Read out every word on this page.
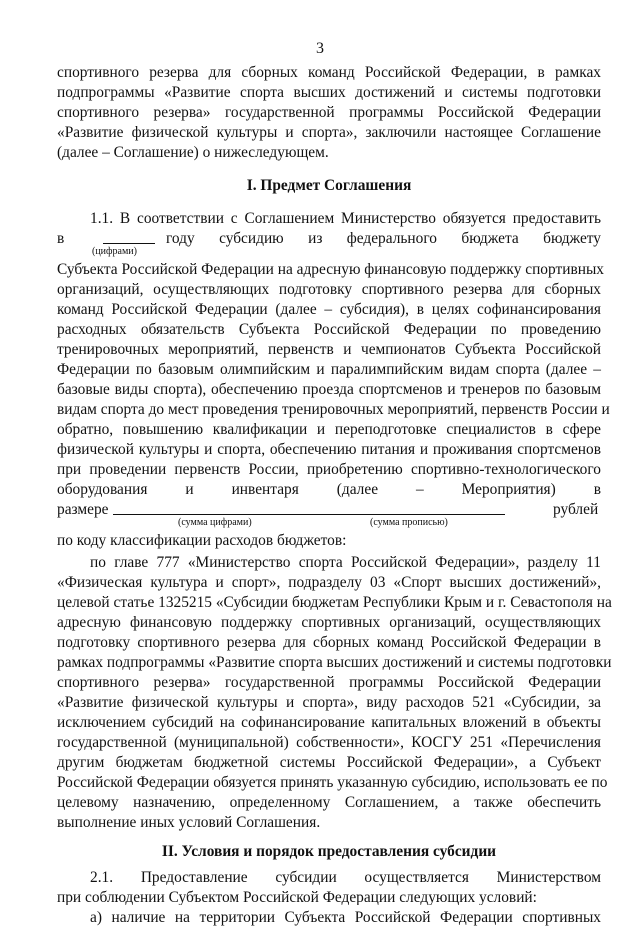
3
спортивного резерва для сборных команд Российской Федерации, в рамках
подпрограммы «Развитие спорта высших достижений и системы подготовки
спортивного резерва» государственной программы Российской Федерации
«Развитие физической культуры и спорта», заключили настоящее Соглашение
(далее – Соглашение) о нижеследующем.
I. Предмет Соглашения
1.1. В соответствии с Соглашением Министерство обязуется предоставить
в	году субсидию из федерального бюджета бюджету
(цифрами)
Субъекта Российской Федерации на адресную финансовую поддержку спортивных
организаций, осуществляющих подготовку спортивного резерва для сборных
команд Российской Федерации (далее – субсидия), в целях софинансирования
расходных обязательств Субъекта Российской Федерации по проведению
тренировочных мероприятий, первенств и чемпионатов Субъекта Российской
Федерации по базовым олимпийским и паралимпийским видам спорта (далее –
базовые виды спорта), обеспечению проезда спортсменов и тренеров по базовым
видам спорта до мест проведения тренировочных мероприятий, первенств России и
обратно, повышению квалификации и переподготовке специалистов в сфере
физической культуры и спорта, обеспечению питания и проживания спортсменов
при проведении первенств России, приобретению спортивно-технологического
оборудования и инвентаря (далее – Мероприятия) в
размере	рублей
(сумма цифрами)	(сумма прописью)
по коду классификации расходов бюджетов:
по главе 777 «Министерство спорта Российской Федерации», разделу 11
«Физическая культура и спорт», подразделу 03 «Спорт высших достижений»,
целевой статье 1325215 «Субсидии бюджетам Республики Крым и г. Севастополя на
адресную финансовую поддержку спортивных организаций, осуществляющих
подготовку спортивного резерва для сборных команд Российской Федерации в
рамках подпрограммы «Развитие спорта высших достижений и системы подготовки
спортивного резерва» государственной программы Российской Федерации
«Развитие физической культуры и спорта», виду расходов 521 «Субсидии, за
исключением субсидий на софинансирование капитальных вложений в объекты
государственной (муниципальной) собственности», КОСГУ 251 «Перечисления
другим бюджетам бюджетной системы Российской Федерации», а Субъект
Российской Федерации обязуется принять указанную субсидию, использовать ее по
целевому назначению, определенному Соглашением, а также обеспечить
выполнение иных условий Соглашения.
II. Условия и порядок предоставления субсидии
2.1. Предоставление субсидии осуществляется Министерством
при соблюдении Субъектом Российской Федерации следующих условий:
а) наличие на территории Субъекта Российской Федерации спортивных
